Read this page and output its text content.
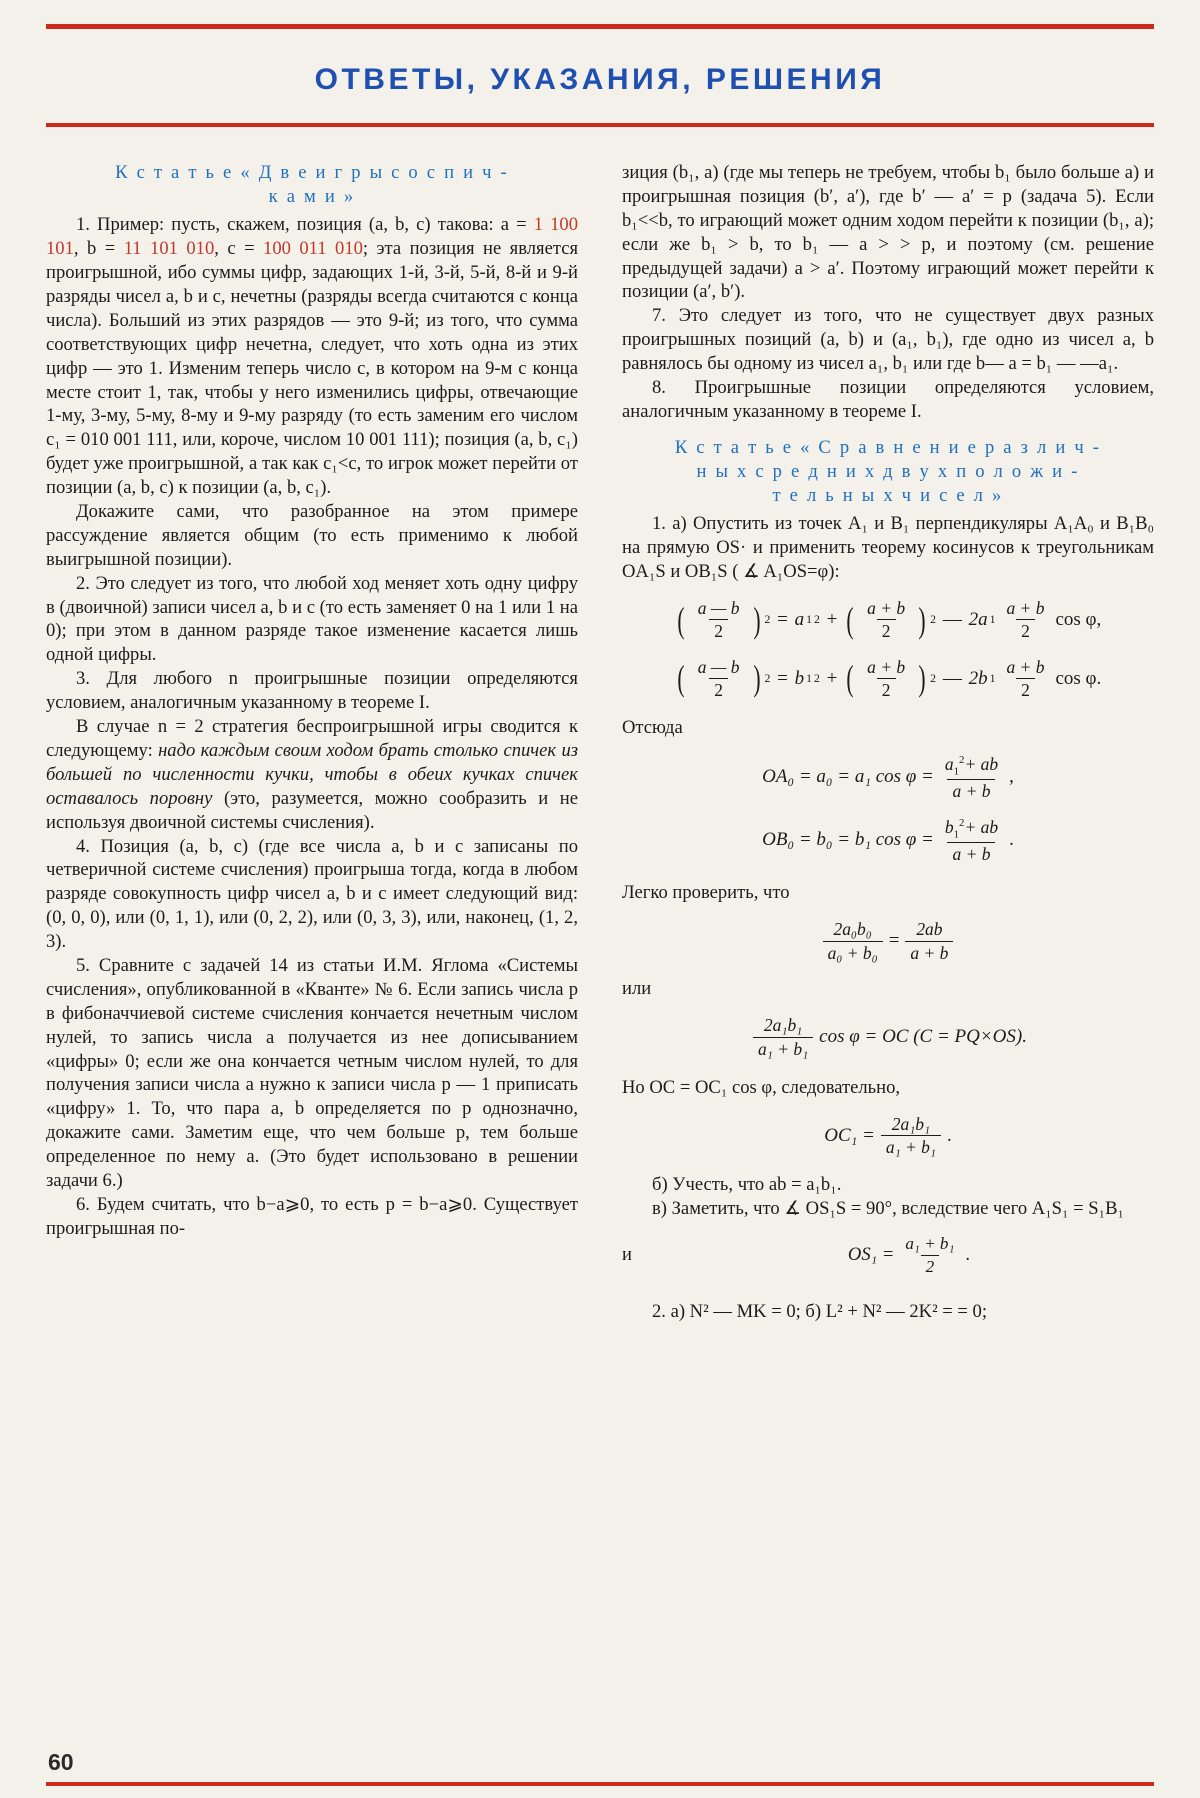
ОТВЕТЫ, УКАЗАНИЯ, РЕШЕНИЯ
К с т а т ь е « Д в е и г р ы с о с п и ч -
к а м и »

1. Пример: пусть, скажем, позиция (a, b, c) такова: a = 1 100 101, b = 11 101 010, c = 100 011 010; эта позиция не является проигрышной, ибо суммы цифр, задающих 1-й, 3-й, 5-й, 8-й и 9-й разряды чисел a, b и c, нечетны (разряды всегда считаются с конца числа). Больший из этих разрядов — это 9-й; из того, что сумма соответствующих цифр нечетна, следует, что хоть одна из этих цифр — это 1. Изменим теперь число c, в котором на 9-м с конца месте стоит 1, так, чтобы у него изменились цифры, отвечающие 1-му, 3-му, 5-му, 8-му и 9-му разряду (то есть заменим его числом c₁ = 010 001 111, или, короче, числом 10 001 111); позиция (a, b, c₁) будет уже проигрышной, а так как c₁<c, то игрок может перейти от позиции (a, b, c) к позиции (a, b, c₁).

Докажите сами, что разобранное на этом примере рассуждение является общим (то есть применимо к любой выигрышной позиции).

2. Это следует из того, что любой ход меняет хоть одну цифру в (двоичной) записи чисел a, b и c (то есть заменяет 0 на 1 или 1 на 0); при этом в данном разряде такое изменение касается лишь одной цифры.

3. Для любого n проигрышные позиции определяются условием, аналогичным указанному в теореме I.

В случае n = 2 стратегия беспроигрышной игры сводится к следующему: надо каждым своим ходом брать столько спичек из большей по численности кучки, чтобы в обеих кучках спичек оставалось поровну (это, разумеется, можно сообразить и не используя двоичной системы счисления).

4. Позиция (a, b, c) (где все числа a, b и c записаны по четверичной системе счисления) проигрыша тогда, когда в любом разряде совокупность цифр чисел a, b и c имеет следующий вид: (0, 0, 0), или (0, 1, 1), или (0, 2, 2), или (0, 3, 3), или, наконец, (1, 2, 3).

5. Сравните с задачей 14 из статьи И.М. Яглома «Системы счисления», опубликованной в «Кванте» № 6. Если запись числа p в фибоначчиевой системе счисления кончается нечетным числом нулей, то запись числа a получается из нее дописыванием «цифры» 0; если же она кончается четным числом нулей, то для получения записи числа a нужно к записи числа p — 1 приписать «цифру» 1. То, что пара a, b определяется по p однозначно, докажите сами. Заметим еще, что чем больше p, тем больше определенное по нему a. (Это будет использовано в решении задачи 6.)

6. Будем считать, что b−a⩾0, то есть p = b−a⩾0. Существует проигрышная по-

зиция (b₁, a) (где мы теперь не требуем, чтобы b₁ было больше a) и проигрышная позиция (b′, a′), где b′ — a′ = p (задача 5). Если b₁<<b, то играющий может одним ходом перейти к позиции (b₁, a); если же b₁ > b, то b₁ — a > > p, и поэтому (см. решение предыдущей задачи) a > a′. Поэтому играющий может перейти к позиции (a′, b′).

7. Это следует из того, что не существует двух разных проигрышных позиций (a, b) и (a₁, b₁), где одно из чисел a, b равнялось бы одному из чисел a₁, b₁ или где b— a = b₁ — —a₁.

8. Проигрышные позиции определяются условием, аналогичным указанному в теореме I.

К с т а т ь е « С р а в н е н и е р а з л и ч -
н ы х с р е д н и х д в у х п о л о ж и -
т е л ь н ы х ч и с е л »

1. а) Опустить из точек A₁ и B₁ перпендикуляры A₁A₀ и B₁B₀ на прямую OS· и применить теорему косинусов к треугольникам OA₁S и OB₁S ( ∡ A₁OS=φ):

( $\frac{a — b}{2}$ ) 2 = a 1 2 + ( $\frac{a + b}{2}$ ) 2 — 2a $1 \frac{a + b}{2}$ cos φ,
( $\frac{a — b}{2}$ ) 2 = b 1 2 + ( $\frac{a + b}{2}$ ) 2 — 2b $1 \frac{a + b}{2}$ cos φ.

Отсюда

OA₀ = a₀ = a₁ $\cos \varphi = \frac{a_1^2+ ab}{a + b}$ ,
OB₀ = b₀ = b₁ $\cos \varphi = \frac{b_1^2+ ab}{a + b}$ .

Легко проверить, что

$\frac{\text{2a₀b₀}}{\text{a₀ + b₀}} = \frac{2ab}{a + b}$

или

$\frac{\text{2a₁b₁}}{\text{a₁ + b₁}}$ cos φ = OC (C = PQ×OS).

Но OC = OC₁ cos φ, следовательно,

$OC_1 = \frac{\text{2a₁b₁}}{\text{a₁ + b₁}}$ .

б) Учесть, что ab = a₁b₁.

в) Заметить, что ∡ OS₁S = 90°, вследствие чего A₁S₁ = S₁B₁

и	$OS_1 = \frac{\text{a₁ + b₁}}{2}$ .

2. а) N² — MK = 0; б) L² + N² — 2K² = = 0;

60
